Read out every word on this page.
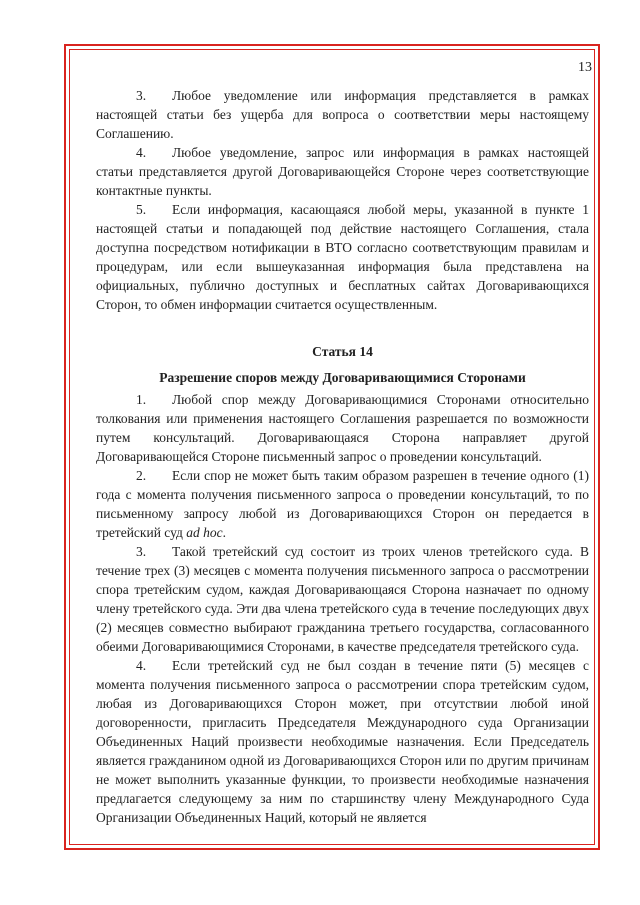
13

3. Любое уведомление или информация представляется в рамках настоящей статьи без ущерба для вопроса о соответствии меры настоящему Соглашению.

4. Любое уведомление, запрос или информация в рамках настоящей статьи представляется другой Договаривающейся Стороне через соответствующие контактные пункты.

5. Если информация, касающаяся любой меры, указанной в пункте 1 настоящей статьи и попадающей под действие настоящего Соглашения, стала доступна посредством нотификации в ВТО согласно соответствующим правилам и процедурам, или если вышеуказанная информация была представлена на официальных, публично доступных и бесплатных сайтах Договаривающихся Сторон, то обмен информации считается осуществленным.

Статья 14
Разрешение споров между Договаривающимися Сторонами

1. Любой спор между Договаривающимися Сторонами относительно толкования или применения настоящего Соглашения разрешается по возможности путем консультаций. Договаривающаяся Сторона направляет другой Договаривающейся Стороне письменный запрос о проведении консультаций.

2. Если спор не может быть таким образом разрешен в течение одного (1) года с момента получения письменного запроса о проведении консультаций, то по письменному запросу любой из Договаривающихся Сторон он передается в третейский суд ad hoc.

3. Такой третейский суд состоит из троих членов третейского суда. В течение трех (3) месяцев с момента получения письменного запроса о рассмотрении спора третейским судом, каждая Договаривающаяся Сторона назначает по одному члену третейского суда. Эти два члена третейского суда в течение последующих двух (2) месяцев совместно выбирают гражданина третьего государства, согласованного обеими Договаривающимися Сторонами, в качестве председателя третейского суда.

4. Если третейский суд не был создан в течение пяти (5) месяцев с момента получения письменного запроса о рассмотрении спора третейским судом, любая из Договаривающихся Сторон может, при отсутствии любой иной договоренности, пригласить Председателя Международного суда Организации Объединенных Наций произвести необходимые назначения. Если Председатель является гражданином одной из Договаривающихся Сторон или по другим причинам не может выполнить указанные функции, то произвести необходимые назначения предлагается следующему за ним по старшинству члену Международного Суда Организации Объединенных Наций, который не является
